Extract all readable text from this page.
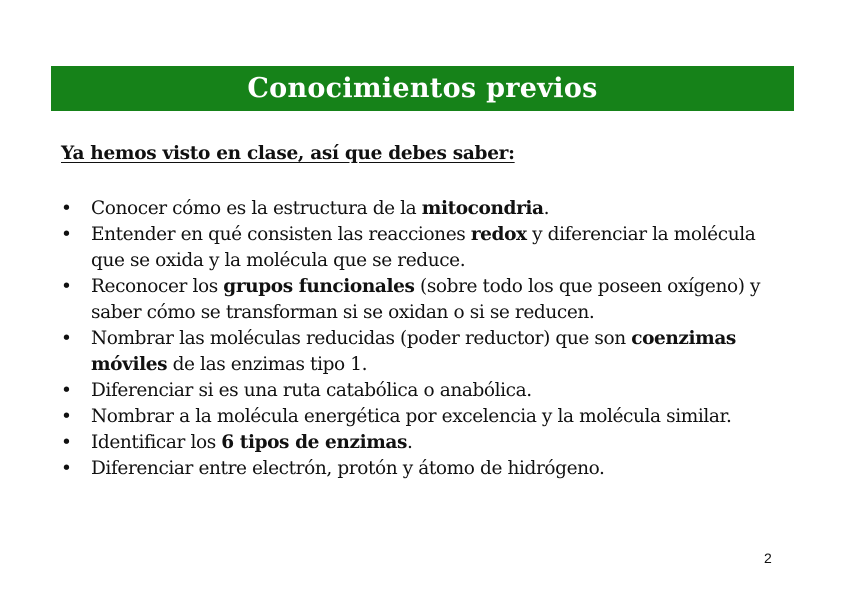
Conocimientos previos
Ya hemos visto en clase, así que debes saber:
• Conocer cómo es la estructura de la mitocondria.
• Entender en qué consisten las reacciones redox y diferenciar la molécula que se oxida y la molécula que se reduce.
• Reconocer los grupos funcionales (sobre todo los que poseen oxígeno) y saber cómo se transforman si se oxidan o si se reducen.
• Nombrar las moléculas reducidas (poder reductor) que son coenzimas móviles de las enzimas tipo 1.
• Diferenciar si es una ruta catabólica o anabólica.
• Nombrar a la molécula energética por excelencia y la molécula similar.
• Identificar los 6 tipos de enzimas.
• Diferenciar entre electrón, protón y átomo de hidrógeno.
2
